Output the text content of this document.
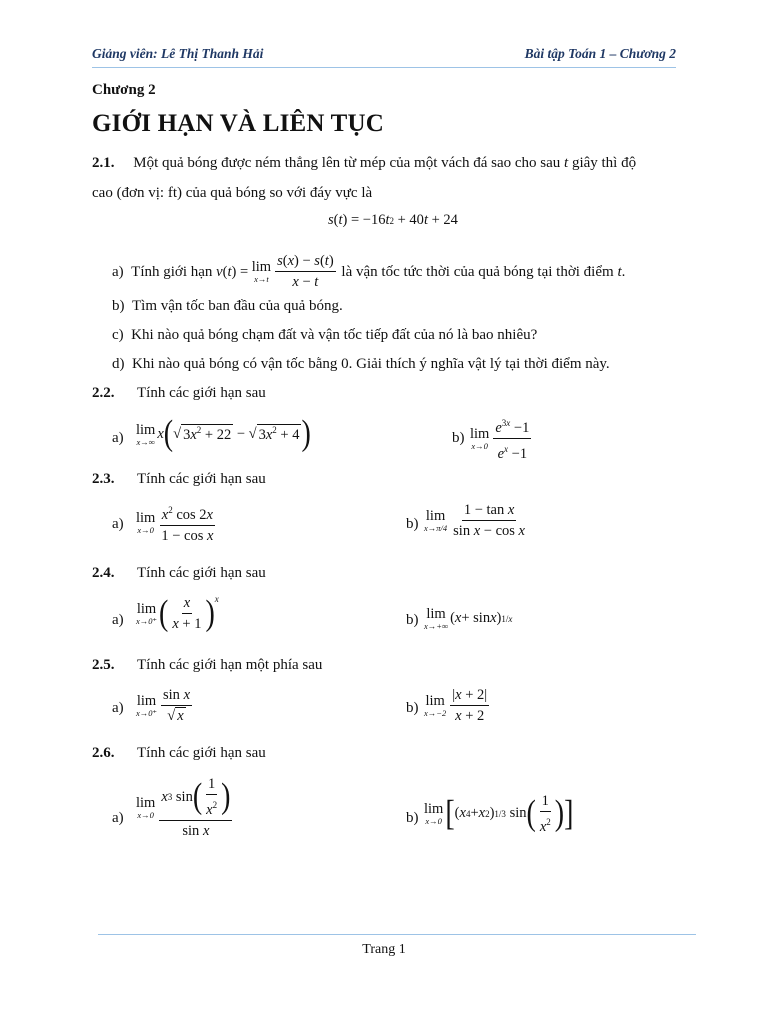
Giảng viên: Lê Thị Thanh Hải	Bài tập Toán 1 – Chương 2
Chương 2
GIỚI HẠN VÀ LIÊN TỤC
2.1. Một quả bóng được ném thẳng lên từ mép của một vách đá sao cho sau t giây thì độ
cao (đơn vị: ft) của quả bóng so với đáy vực là
s ( t ) = −16 t 2 + 40 t + 24
a)
Tính giới hạn
v ( t ) = lim
$x\to t \frac{s(x) - s(t)}{x - t}$
là vận tốc tức thời của quả bóng tại thời điểm
t .
b) Tìm vận tốc ban đầu của quả bóng.
c) Khi nào quả bóng chạm đất và vận tốc tiếp đất của nó là bao nhiêu?
d) Khi nào quả bóng có vận tốc bằng 0. Giải thích ý nghĩa vật lý tại thời điểm này.
2.2. Tính các giới hạn sau
a)
lim
x→∞ x ( √ $3x^2 + 22$ − √ $3x^2 + 4$ )	b) lim
$x\to 0 \frac{e^{3x} -1}{e^x -1}$
2.3. Tính các giới hạn sau
a) lim
$x\to 0 \frac{x^2 \cos 2x}{\text{1 − cos x}}$	b) lim
$x\to\pi/4 \frac{\text{1 − tan x}}{\text{sin x − cos x}}$
2.4. Tính các giới hạn sau
a)
lim
x→0⁺ ( $\frac{x}{x + 1}$ ) $^x$
b) lim
x→+∞ ( x + sin x ) 1/x
2.5. Tính các giới hạn một phía sau
a) lim
$x\to 0^+ \frac{\text{sin x}}{√ x}$	b) lim
$x\to-2 \frac{|x + 2|}{x + 2}$
2.6. Tính các giới hạn sau
a)
lim
$x\to 0 \frac{x 3 \sin ( \frac{1}{x^2} )}{\text{sin x}}$	b)
lim
x→0 [ ( x 4 + x 2 ) 1/3 sin ( $\frac{1}{x^2}$ ) ]
Trang 1
